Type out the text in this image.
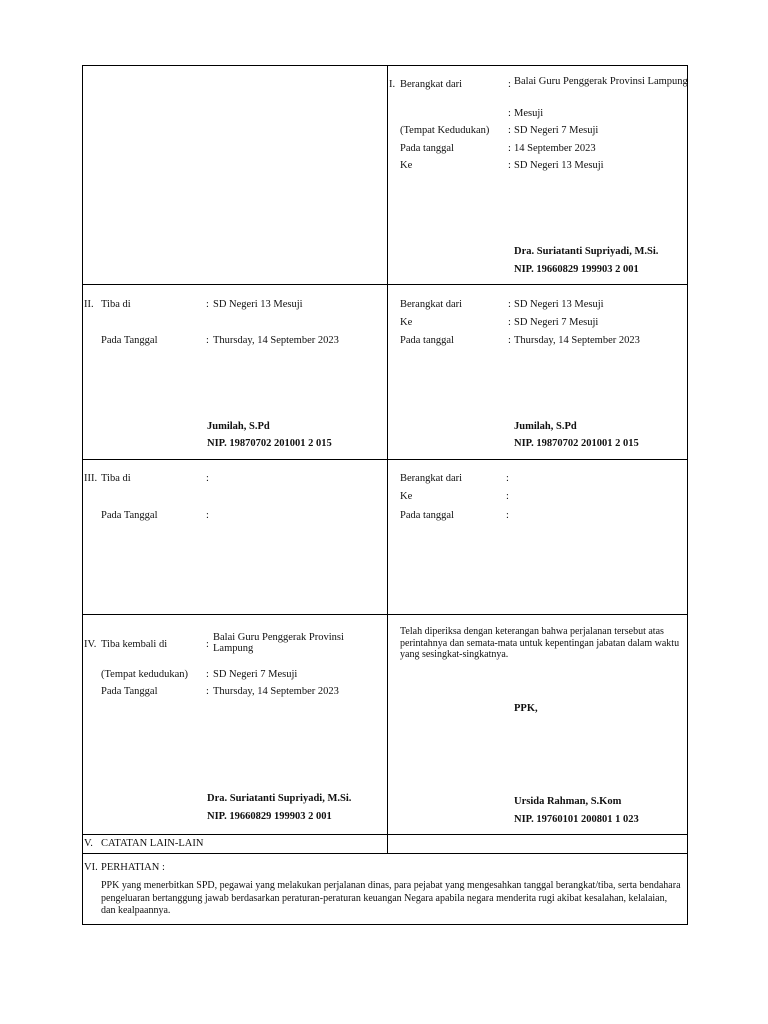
I. Berangkat dari	: Balai Guru Penggerak Provinsi Lampung
: Mesuji
(Tempat Kedudukan) : SD Negeri 7 Mesuji
Pada tanggal	: 14 September 2023
Ke	: SD Negeri 13 Mesuji
Dra. Suriatanti Supriyadi, M.Si.
NIP. 19660829 199903 2 001
II. Tiba di	: SD Negeri 13 Mesuji
Pada Tanggal	: Thursday, 14 September 2023
Jumilah, S.Pd
NIP. 19870702 201001 2 015
Berangkat dari	: SD Negeri 13 Mesuji
Ke	: SD Negeri 7 Mesuji
Pada tanggal	: Thursday, 14 September 2023
Jumilah, S.Pd
NIP. 19870702 201001 2 015
III. Tiba di	:
Pada Tanggal	:
Berangkat dari	:
Ke	:
Pada tanggal	:
IV. Tiba kembali di	:
Balai Guru Penggerak Provinsi Lampung
(Tempat kedudukan) : SD Negeri 7 Mesuji
Pada Tanggal	: Thursday, 14 September 2023
Dra. Suriatanti Supriyadi, M.Si.
NIP. 19660829 199903 2 001
Telah diperiksa dengan keterangan bahwa perjalanan tersebut atas perintahnya dan semata-mata untuk kepentingan jabatan dalam waktu yang sesingkat-singkatnya.
PPK,
Ursida Rahman, S.Kom
NIP. 19760101 200801 1 023
V. CATATAN LAIN-LAIN
VI. PERHATIAN :
PPK yang menerbitkan SPD, pegawai yang melakukan perjalanan dinas, para pejabat yang mengesahkan tanggal berangkat/tiba, serta bendahara pengeluaran bertanggung jawab berdasarkan peraturan-peraturan keuangan Negara apabila negara menderita rugi akibat kesalahan, kelalaian, dan kealpaannya.
